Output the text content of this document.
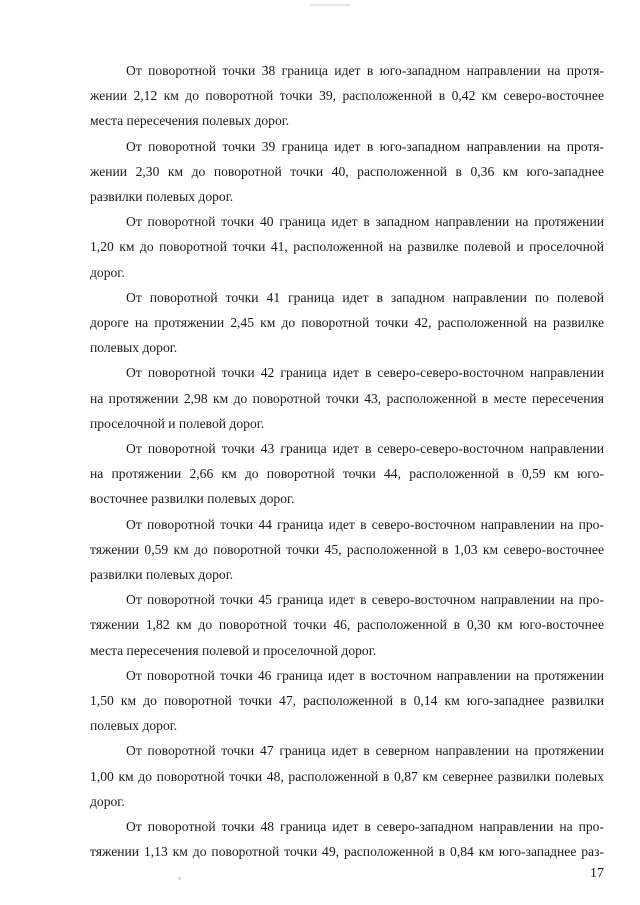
От поворотной точки 38 граница идет в юго-западном направлении на протя-
жении 2,12 км до поворотной точки 39, расположенной в 0,42 км северо-восточнее
места пересечения полевых дорог.
От поворотной точки 39 граница идет в юго-западном направлении на протя-
жении 2,30 км до поворотной точки 40, расположенной в 0,36 км юго-западнее
развилки полевых дорог.
От поворотной точки 40 граница идет в западном направлении на протяжении
1,20 км до поворотной точки 41, расположенной на развилке полевой и проселочной
дорог.
От поворотной точки 41 граница идет в западном направлении по полевой
дороге на протяжении 2,45 км до поворотной точки 42, расположенной на развилке
полевых дорог.
От поворотной точки 42 граница идет в северо-северо-восточном направлении
на протяжении 2,98 км до поворотной точки 43, расположенной в месте пересечения
проселочной и полевой дорог.
От поворотной точки 43 граница идет в северо-северо-восточном направлении
на протяжении 2,66 км до поворотной точки 44, расположенной в 0,59 км юго-
восточнее развилки полевых дорог.
От поворотной точки 44 граница идет в северо-восточном направлении на про-
тяжении 0,59 км до поворотной точки 45, расположенной в 1,03 км северо-восточнее
развилки полевых дорог.
От поворотной точки 45 граница идет в северо-восточном направлении на про-
тяжении 1,82 км до поворотной точки 46, расположенной в 0,30 км юго-восточнее
места пересечения полевой и проселочной дорог.
От поворотной точки 46 граница идет в восточном направлении на протяжении
1,50 км до поворотной точки 47, расположенной в 0,14 км юго-западнее развилки
полевых дорог.
От поворотной точки 47 граница идет в северном направлении на протяжении
1,00 км до поворотной точки 48, расположенной в 0,87 км севернее развилки полевых
дорог.
От поворотной точки 48 граница идет в северо-западном направлении на про-
тяжении 1,13 км до поворотной точки 49, расположенной в 0,84 км юго-западнее раз-
17
